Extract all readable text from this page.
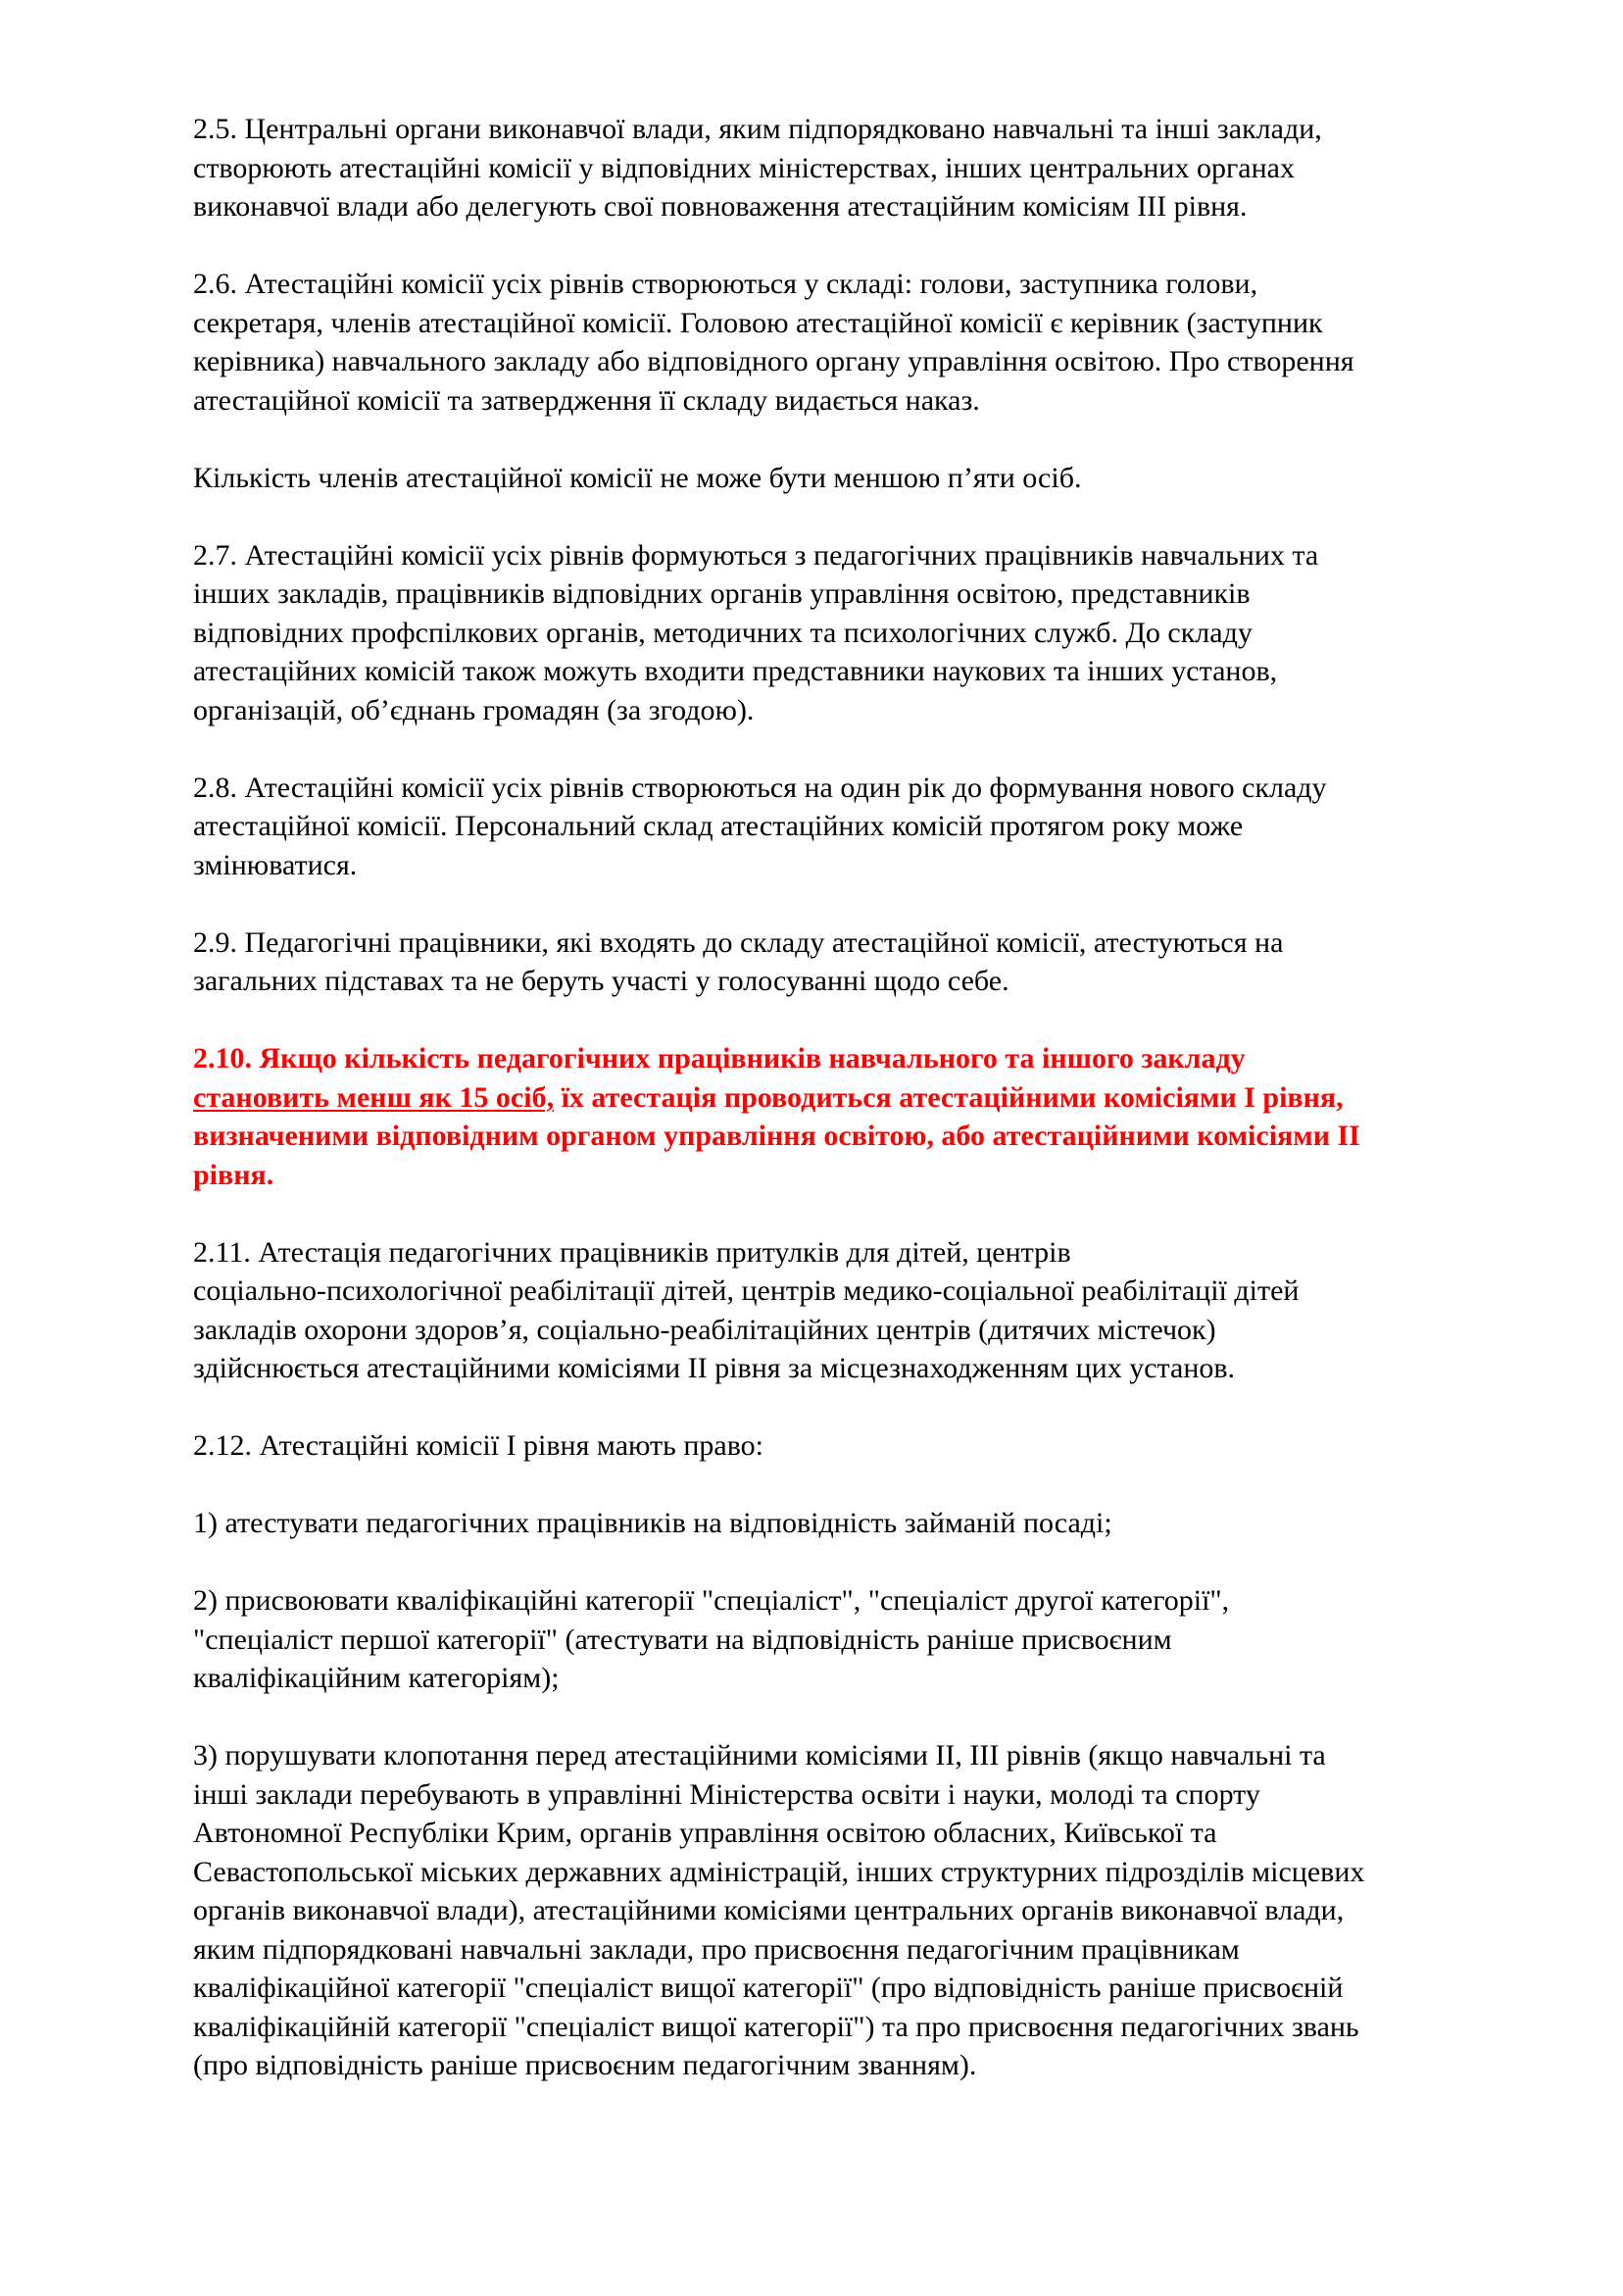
2.5. Центральні органи виконавчої влади, яким підпорядковано навчальні та інші заклади,
створюють атестаційні комісії у відповідних міністерствах, інших центральних органах
виконавчої влади або делегують свої повноваження атестаційним комісіям ІІІ рівня.

2.6. Атестаційні комісії усіх рівнів створюються у складі: голови, заступника голови,
секретаря, членів атестаційної комісії. Головою атестаційної комісії є керівник (заступник
керівника) навчального закладу або відповідного органу управління освітою. Про створення
атестаційної комісії та затвердження її складу видається наказ.

Кількість членів атестаційної комісії не може бути меншою п’яти осіб.

2.7. Атестаційні комісії усіх рівнів формуються з педагогічних працівників навчальних та
інших закладів, працівників відповідних органів управління освітою, представників
відповідних профспілкових органів, методичних та психологічних служб. До складу
атестаційних комісій також можуть входити представники наукових та інших установ,
організацій, об’єднань громадян (за згодою).

2.8. Атестаційні комісії усіх рівнів створюються на один рік до формування нового складу
атестаційної комісії. Персональний склад атестаційних комісій протягом року може
змінюватися.

2.9. Педагогічні працівники, які входять до складу атестаційної комісії, атестуються на
загальних підставах та не беруть участі у голосуванні щодо себе.

2.10. Якщо кількість педагогічних працівників навчального та іншого закладу
становить менш як 15 осіб, їх атестація проводиться атестаційними комісіями І рівня,
визначеними відповідним органом управління освітою, або атестаційними комісіями ІІ
рівня.

2.11. Атестація педагогічних працівників притулків для дітей, центрів
соціально-психологічної реабілітації дітей, центрів медико-соціальної реабілітації дітей
закладів охорони здоров’я, соціально-реабілітаційних центрів (дитячих містечок)
здійснюється атестаційними комісіями ІІ рівня за місцезнаходженням цих установ.

2.12. Атестаційні комісії І рівня мають право:

1) атестувати педагогічних працівників на відповідність займаній посаді;

2) присвоювати кваліфікаційні категорії "спеціаліст", "спеціаліст другої категорії",
"спеціаліст першої категорії" (атестувати на відповідність раніше присвоєним
кваліфікаційним категоріям);

3) порушувати клопотання перед атестаційними комісіями ІІ, ІІІ рівнів (якщо навчальні та
інші заклади перебувають в управлінні Міністерства освіти і науки, молоді та спорту
Автономної Республіки Крим, органів управління освітою обласних, Київської та
Севастопольської міських державних адміністрацій, інших структурних підрозділів місцевих
органів виконавчої влади), атестаційними комісіями центральних органів виконавчої влади,
яким підпорядковані навчальні заклади, про присвоєння педагогічним працівникам
кваліфікаційної категорії "спеціаліст вищої категорії" (про відповідність раніше присвоєній
кваліфікаційній категорії "спеціаліст вищої категорії") та про присвоєння педагогічних звань
(про відповідність раніше присвоєним педагогічним званням).
